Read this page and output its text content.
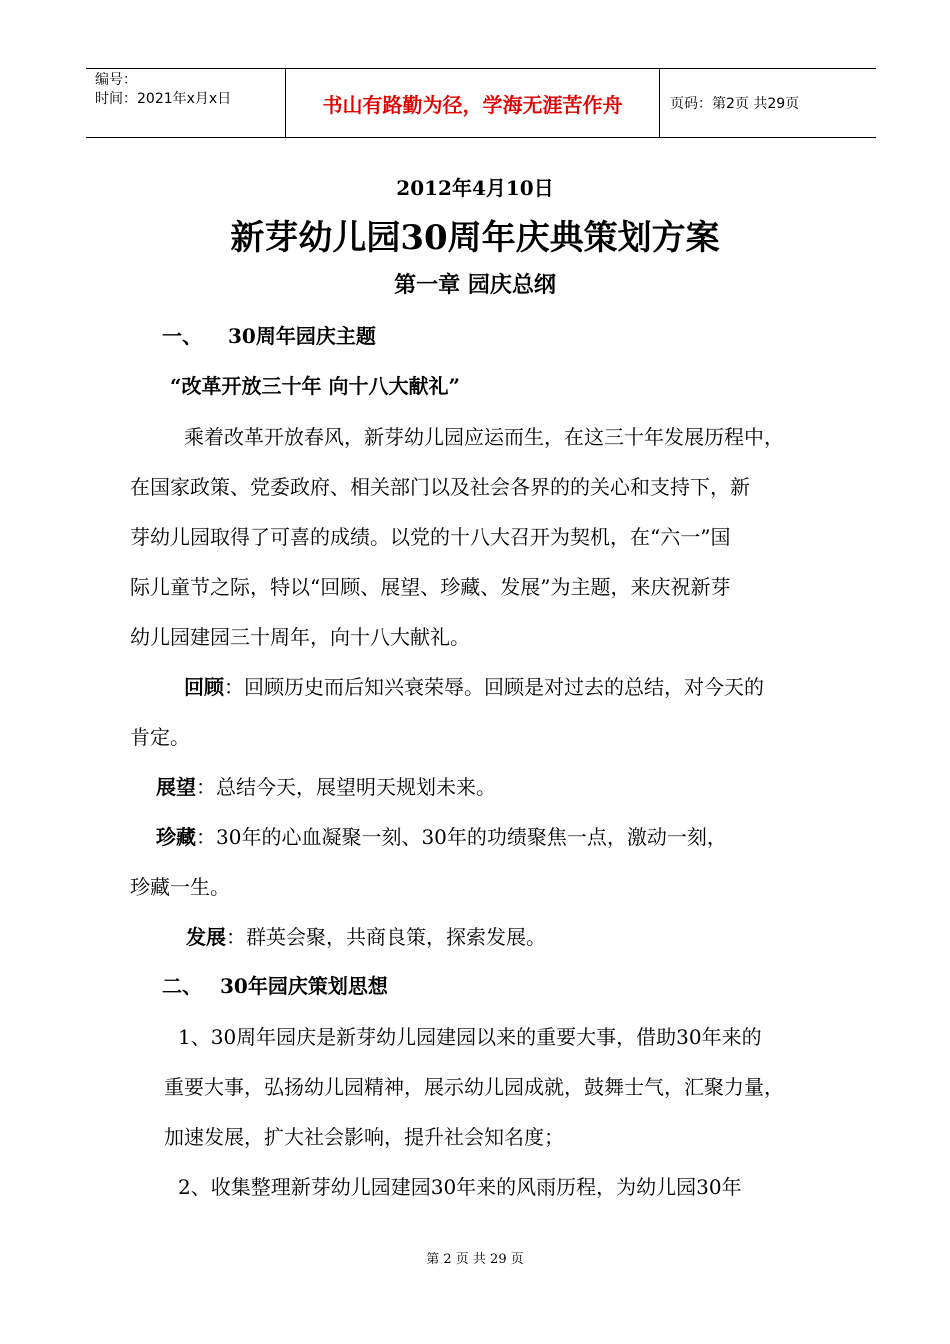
编号：
时间：2021年x月x日	书山有路勤为径，学海无涯苦作舟	页码：第2页 共29页
2012年4月10日
新芽幼儿园30周年庆典策划方案
第一章 园庆总纲
一、 30周年园庆主题
“改革开放三十年 向十八大献礼”
乘着改革开放春风，新芽幼儿园应运而生，在这三十年发展历程中，
在国家政策、党委政府、相关部门以及社会各界的的关心和支持下，新
芽幼儿园取得了可喜的成绩。以党的十八大召开为契机，在“六一”国
际儿童节之际，特以“回顾、展望、珍藏、发展”为主题，来庆祝新芽
幼儿园建园三十周年，向十八大献礼。
回顾：回顾历史而后知兴衰荣辱。回顾是对过去的总结，对今天的
肯定。
展望：总结今天，展望明天规划未来。
珍藏：30年的心血凝聚一刻、30年的功绩聚焦一点，激动一刻，
珍藏一生。
发展：群英会聚，共商良策，探索发展。
二、 30年园庆策划思想
1、30周年园庆是新芽幼儿园建园以来的重要大事，借助30年来的
重要大事，弘扬幼儿园精神，展示幼儿园成就，鼓舞士气，汇聚力量，
加速发展，扩大社会影响，提升社会知名度；
2、收集整理新芽幼儿园建园30年来的风雨历程，为幼儿园30年
第 2 页 共 29 页
